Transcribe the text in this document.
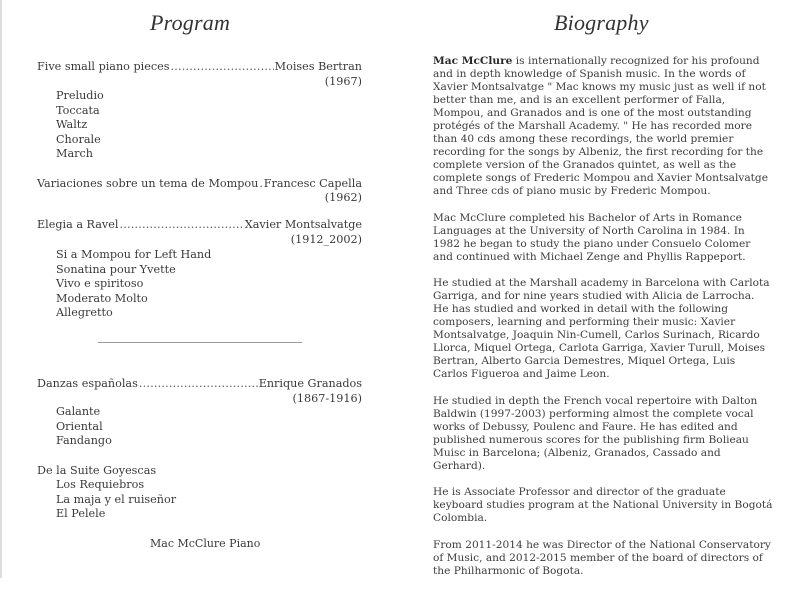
Program
Five small piano pieces .....	Moises Bertran
(1967)
Preludio
Toccata
Waltz
Chorale
March
Variaciones sobre un tema de Mompou ..... Francesc Capella
(1962)
Elegia a Ravel .....	Xavier Montsalvatge
(1912_2002)
Si a Mompou for Left Hand
Sonatina pour Yvette
Vivo e spiritoso
Moderato Molto
Allegretto
Danzas españolas .....	Enrique Granados
(1867-1916)
Galante
Oriental
Fandango
De la Suite Goyescas
Los Requiebros
La maja y el ruiseñor
El Pelele
Mac McClure Piano
Biography

Mac McClure is internationally recognized for his profound and in depth knowledge of Spanish music. In the words of Xavier Montsalvatge " Mac knows my music just as well if not better than me, and is an excellent performer of Falla, Mompou, and Granados and is one of the most outstanding protégés of the Marshall Academy. " He has recorded more than 40 cds among these recordings, the world premier recording for the songs by Albeniz, the first recording for the complete version of the Granados quintet, as well as the complete songs of Frederic Mompou and Xavier Montsalvatge and Three cds of piano music by Frederic Mompou.

Mac McClure completed his Bachelor of Arts in Romance Languages at the University of North Carolina in 1984. In 1982 he began to study the piano under Consuelo Colomer and continued with Michael Zenge and Phyllis Rappeport.

He studied at the Marshall academy in Barcelona with Carlota Garriga, and for nine years studied with Alicia de Larrocha. He has studied and worked in detail with the following composers, learning and performing their music: Xavier Montsalvatge, Joaquin Nin-Cumell, Carlos Surinach, Ricardo Llorca, Miquel Ortega, Carlota Garriga, Xavier Turull, Moises Bertran, Alberto Garcia Demestres, Miquel Ortega, Luis Carlos Figueroa and Jaime Leon.

He studied in depth the French vocal repertoire with Dalton Baldwin (1997-2003) performing almost the complete vocal works of Debussy, Poulenc and Faure. He has edited and published numerous scores for the publishing firm Bolieau Muisc in Barcelona; (Albeniz, Granados, Cassado and Gerhard).

He is Associate Professor and director of the graduate keyboard studies program at the National University in Bogotá Colombia.

From 2011-2014 he was Director of the National Conservatory of Music, and 2012-2015 member of the board of directors of the Philharmonic of Bogota.
